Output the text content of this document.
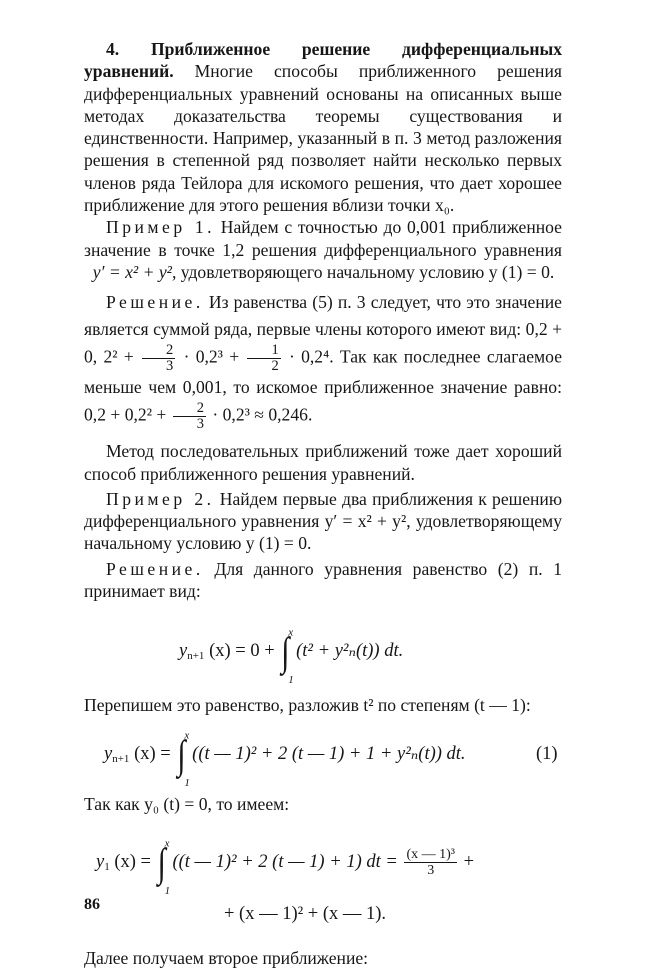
4. Приближенное решение дифференциальных уравнений. Многие способы приближенного решения дифференциальных уравнений основаны на описанных выше методах доказательства теоремы существования и единственности. Например, указанный в п. 3 метод разложения решения в степенной ряд позволяет найти несколько первых членов ряда Тейлора для искомого решения, что дает хорошее приближение для этого решения вблизи точки x₀.

Пример 1. Найдем с точностью до 0,001 приближенное значение в точке 1,2 решения дифференциального уравнения   y′ = x² + y², удовлетворяющего начальному условию y (1) = 0.

Решение. Из равенства (5) п. 3 следует, что это значение является суммой ряда, первые члены которого имеют вид: 0,2 + 0, $2^2 + \frac{2}{3} \cdot 0,2^3 + \frac{1}{2} \cdot 0,2^4$. Так как последнее слагаемое меньше чем 0,001, то искомое приближенное значение равно: $0,2 + 0,2^2 + \frac{2}{3} \cdot 0,2^3 \approx 0,246$.

Метод последовательных приближений тоже дает хороший способ приближенного решения уравнений.

Пример 2. Найдем первые два приближения к решению дифференциального уравнения y′ = x² + y², удовлетворяющему начальному условию y (1) = 0.

Решение. Для данного уравнения равенство (2) п. 1 принимает вид:

$y_{n+1}$ (x) = 0 + ∫
x
1
(t² + y²ₙ(t)) dt.

Перепишем это равенство, разложив t² по степеням (t — 1):

$y_{n+1}$ (x) = ∫
x
1
((t — 1)² + 2 (t — 1) + 1 + y²ₙ(t)) dt.	(1)

Так как y₀ (t) = 0, то имеем:

$y_1$ (x) = ∫
x
1
((t — 1)² + 2 (t — 1) + 1) dt = $\frac{\text{(x — 1)³}}{3}$ +
+ (x — 1)² + (x — 1).

Далее получаем второе приближение:

86
